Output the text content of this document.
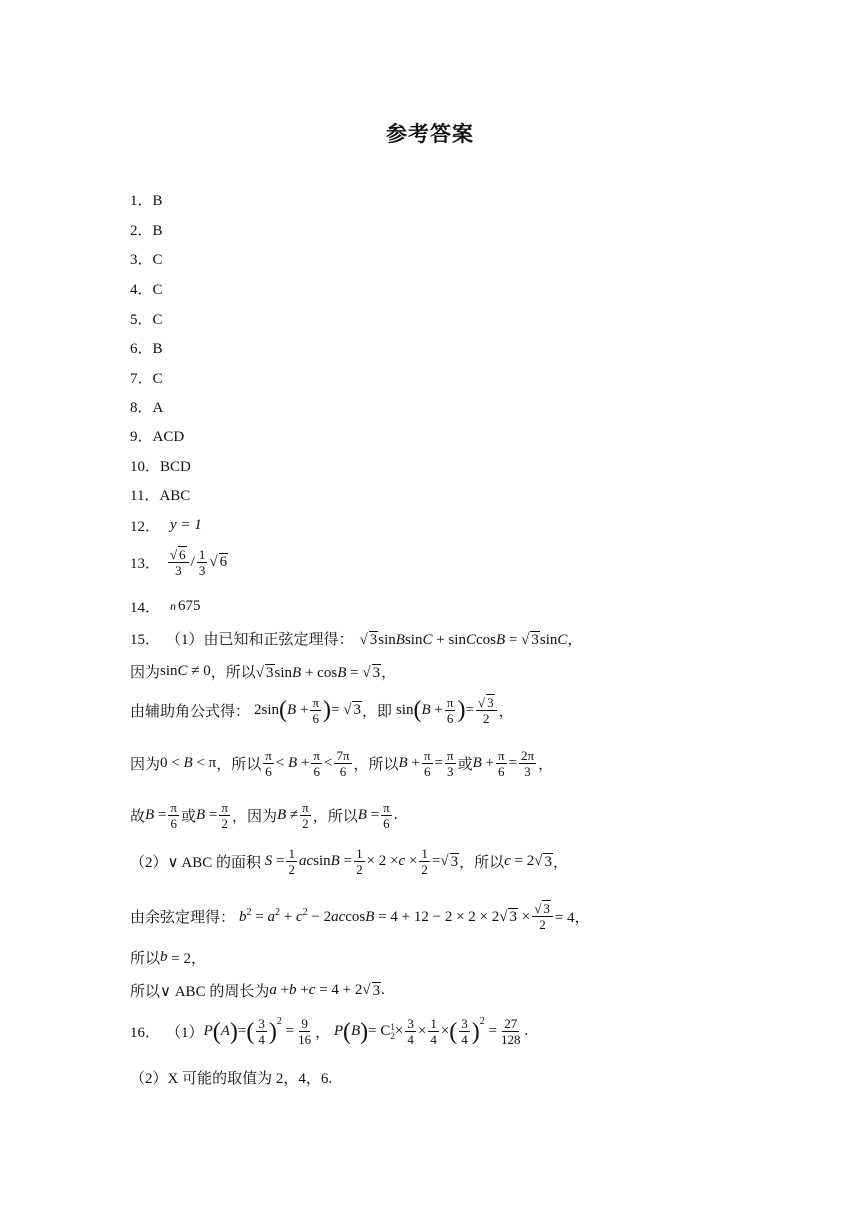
参考答案
1．B
2．B
3．C
4．C
5．C
6．B
7．C
8．A
9．ACD
10．BCD
11．ABC
12． y = 1
13．
√ $\frac{6}{3} / \frac{1}{3}$
√ 6
14． n 675
15． （1） 由已知和正弦定理得：
√	3sinBsinC + sinCcosB = √ 3sinC，
因为 sinC ≠ 0 ，所以
√ 3sinB + cosB = √ 3，
由辅助角公式得： 2sin ( $B + \frac{\pi}{6}$ ) = √ 3 ，即 sin ( $B + \frac{\pi}{6}$ ) =
√ $\frac{3}{2}$ ，
因为 0 < B < π ，所以 $\frac{\pi}{6} < B + \frac{\pi}{6} < \frac{7\pi}{6}$ ，所以 $B + \frac{\pi}{6} = \frac{\pi}{3}$ 或 $B + \frac{\pi}{6} = \frac{2\pi}{3}$ ，
故 $B = \frac{\pi}{6}$ 或 $B = \frac{\pi}{2}$ ，因为 $B \ne \frac{\pi}{2}$ ，所以 $B = \frac{\pi}{6}$ .
（2） ∨ ABC 的面积 $S = \frac{1}{2}$ ac $\sin B = \frac{1}{2} \times 2 \times c \times \frac{1}{2}$ =
√ 3 ，所以 c = 2
√ 3 ，
由余弦定理得： $b^2 = a^2 + c^2 - 2accosB = 4 + 12 - 2 \times 2 \times 2√$ 3 ×
√ $\frac{3}{2} = 4$，
所以 b = 2，
所以∨ ABC 的周长为 a + b + c = 4 + 2
√ 3 .
16． （1） P ( A ) = ( $\frac{3}{4} )^2$
= $\frac{9}{16}$ ， P ( B ) = C 1
$2 \times \frac{3}{4} \times \frac{1}{4}$ × ( $\frac{3}{4} )^2$
= $\frac{27}{128}$ .
（2） X 可能的取值为 2，4，6.
